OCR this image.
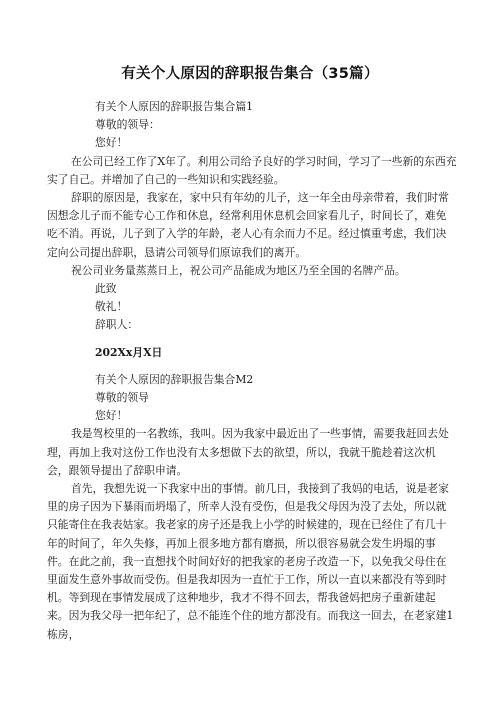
有关个人原因的辞职报告集合（35篇）

有关个人原因的辞职报告集合篇1

尊敬的领导：

您好！

在公司已经工作了X年了。利用公司给予良好的学习时间，学习了一些新的东西充实了自己。并增加了自己的一些知识和实践经验。

辞职的原因是，我家在，家中只有年幼的儿子，这一年全由母亲带着，我们时常因想念儿子而不能专心工作和休息，经常利用休息机会回家看儿子，时间长了，难免吃不消。再说，儿子到了入学的年龄，老人心有余而力不足。经过慎重考虑，我们决定向公司提出辞职，恳请公司领导们原谅我们的离开。

祝公司业务量蒸蒸日上，祝公司产品能成为地区乃至全国的名牌产品。

此致

敬礼！

辞职人：

202Xx月X日

有关个人原因的辞职报告集合M2

尊敬的领导

您好！

我是驾校里的一名教练，我叫。因为我家中最近出了一些事情，需要我赶回去处理，再加上我对这份工作也没有太多想做下去的欲望，所以，我就干脆趁着这次机会，跟领导提出了辞职申请。

首先，我想先说一下我家中出的事情。前几日，我接到了我妈的电话，说是老家里的房子因为下暴雨而坍塌了，所幸人没有受伤，但是我父母因为没了去处，所以就只能寄住在我表姑家。我老家的房子还是我上小学的时候建的，现在已经住了有几十年的时间了，年久失修，再加上很多地方都有磨损，所以很容易就会发生坍塌的事件。在此之前，我一直想找个时间好好的把我家的老房子改造一下，以免我父母住在里面发生意外事故而受伤。但是我却因为一直忙于工作，所以一直以来都没有等到时机。等到现在事情发展成了这种地步，我才不得不回去，帮我爸妈把房子重新建起来。因为我父母一把年纪了，总不能连个住的地方都没有。而我这一回去，在老家建1栋房，
